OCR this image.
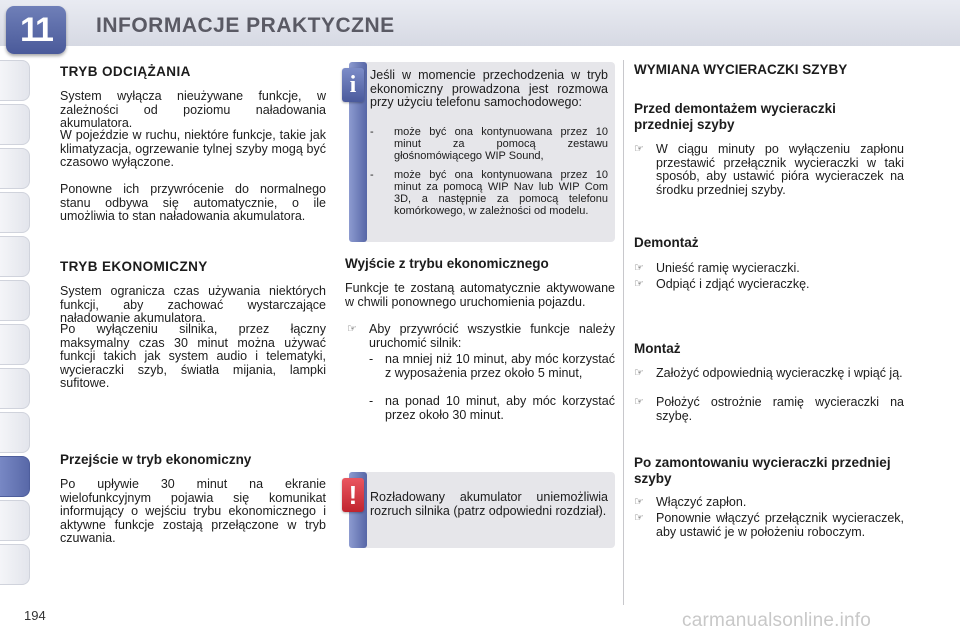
11	INFORMACJE PRAKTYCZNE
TRYB ODCIĄŻANIA

System wyłącza nieużywane funkcje, w zależności od poziomu naładowania akumulatora.

W pojeździe w ruchu, niektóre funkcje, takie jak klimatyzacja, ogrzewanie tylnej szyby mogą być czasowo wyłączone.

Ponowne ich przywrócenie do normalnego stanu odbywa się automatycznie, o ile umożliwia to stan naładowania akumulatora.

TRYB EKONOMICZNY

System ogranicza czas używania niektórych funkcji, aby zachować wystarczające naładowanie akumulatora.

Po wyłączeniu silnika, przez łączny maksymalny czas 30 minut można używać funkcji takich jak system audio i telematyki, wycieraczki szyb, światła mijania, lampki sufitowe.

Przejście w tryb ekonomiczny

Po upływie 30 minut na ekranie wielofunkcyjnym pojawia się komunikat informujący o wejściu trybu ekonomicznego i aktywne funkcje zostają przełączone w tryb czuwania.

i	Jeśli w momencie przechodzenia w tryb ekonomiczny prowadzona jest rozmowa przy użyciu telefonu samochodowego:

-	może być ona kontynuowana przez 10 minut za pomocą zestawu głośnomówiącego WIP Sound,
-	może być ona kontynuowana przez 10 minut za pomocą WIP Nav lub WIP Com 3D, a następnie za pomocą telefonu komórkowego, w zależności od modelu.
Wyjście z trybu ekonomicznego

Funkcje te zostaną automatycznie aktywowane w chwili ponownego uruchomienia pojazdu.

☞ Aby przywrócić wszystkie funkcje należy uruchomić silnik:
- na mniej niż 10 minut, aby móc korzystać z wyposażenia przez około 5 minut,
- na ponad 10 minut, aby móc korzystać przez około 30 minut.
!	Rozładowany akumulator uniemożliwia rozruch silnika (patrz odpowiedni rozdział).

WYMIANA WYCIERACZKI SZYBY
Przed demontażem wycieraczki przedniej szyby
☞ W ciągu minuty po wyłączeniu zapłonu przestawić przełącznik wycieraczki w taki sposób, aby ustawić pióra wycieraczek na środku przedniej szyby.
Demontaż
☞ Unieść ramię wycieraczki.
☞ Odpiąć i zdjąć wycieraczkę.
Montaż
☞ Założyć odpowiednią wycieraczkę i wpiąć ją.
☞ Położyć ostrożnie ramię wycieraczki na szybę.
Po zamontowaniu wycieraczki przedniej szyby
☞ Włączyć zapłon.
☞ Ponownie włączyć przełącznik wycieraczek, aby ustawić je w położeniu roboczym.
194	carmanualsonline.info
